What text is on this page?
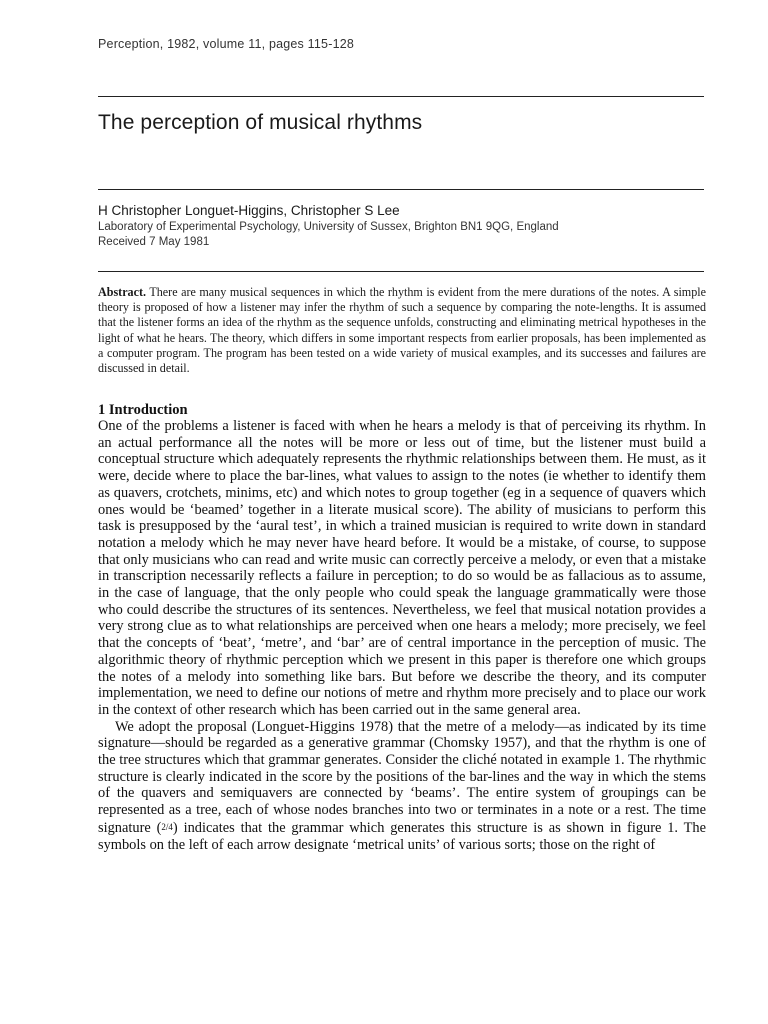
Perception, 1982, volume 11, pages 115-128
The perception of musical rhythms
H Christopher Longuet-Higgins, Christopher S Lee
Laboratory of Experimental Psychology, University of Sussex, Brighton BN1 9QG, England
Received 7 May 1981
Abstract. There are many musical sequences in which the rhythm is evident from the mere durations of the notes. A simple theory is proposed of how a listener may infer the rhythm of such a sequence by comparing the note-lengths. It is assumed that the listener forms an idea of the rhythm as the sequence unfolds, constructing and eliminating metrical hypotheses in the light of what he hears. The theory, which differs in some important respects from earlier proposals, has been implemented as a computer program. The program has been tested on a wide variety of musical examples, and its successes and failures are discussed in detail.
1 Introduction

One of the problems a listener is faced with when he hears a melody is that of perceiving its rhythm. In an actual performance all the notes will be more or less out of time, but the listener must build a conceptual structure which adequately represents the rhythmic relationships between them. He must, as it were, decide where to place the bar-lines, what values to assign to the notes (ie whether to identify them as quavers, crotchets, minims, etc) and which notes to group together (eg in a sequence of quavers which ones would be ‘beamed’ together in a literate musical score). The ability of musicians to perform this task is presupposed by the ‘aural test’, in which a trained musician is required to write down in standard notation a melody which he may never have heard before. It would be a mistake, of course, to suppose that only musicians who can read and write music can correctly perceive a melody, or even that a mistake in transcription necessarily reflects a failure in perception; to do so would be as fallacious as to assume, in the case of language, that the only people who could speak the language grammatically were those who could describe the structures of its sentences. Nevertheless, we feel that musical notation provides a very strong clue as to what relationships are perceived when one hears a melody; more precisely, we feel that the concepts of ‘beat’, ‘metre’, and ‘bar’ are of central importance in the perception of music. The algorithmic theory of rhythmic perception which we present in this paper is therefore one which groups the notes of a melody into something like bars. But before we describe the theory, and its computer implementation, we need to define our notions of metre and rhythm more precisely and to place our work in the context of other research which has been carried out in the same general area.

We adopt the proposal (Longuet-Higgins 1978) that the metre of a melody—as indicated by its time signature—should be regarded as a generative grammar (Chomsky 1957), and that the rhythm is one of the tree structures which that grammar generates. Consider the cliché notated in example 1. The rhythmic structure is clearly indicated in the score by the positions of the bar-lines and the way in which the stems of the quavers and semiquavers are connected by ‘beams’. The entire system of groupings can be represented as a tree, each of whose nodes branches into two or terminates in a note or a rest. The time signature (2/4) indicates that the grammar which generates this structure is as shown in figure 1. The symbols on the left of each arrow designate ‘metrical units’ of various sorts; those on the right of
